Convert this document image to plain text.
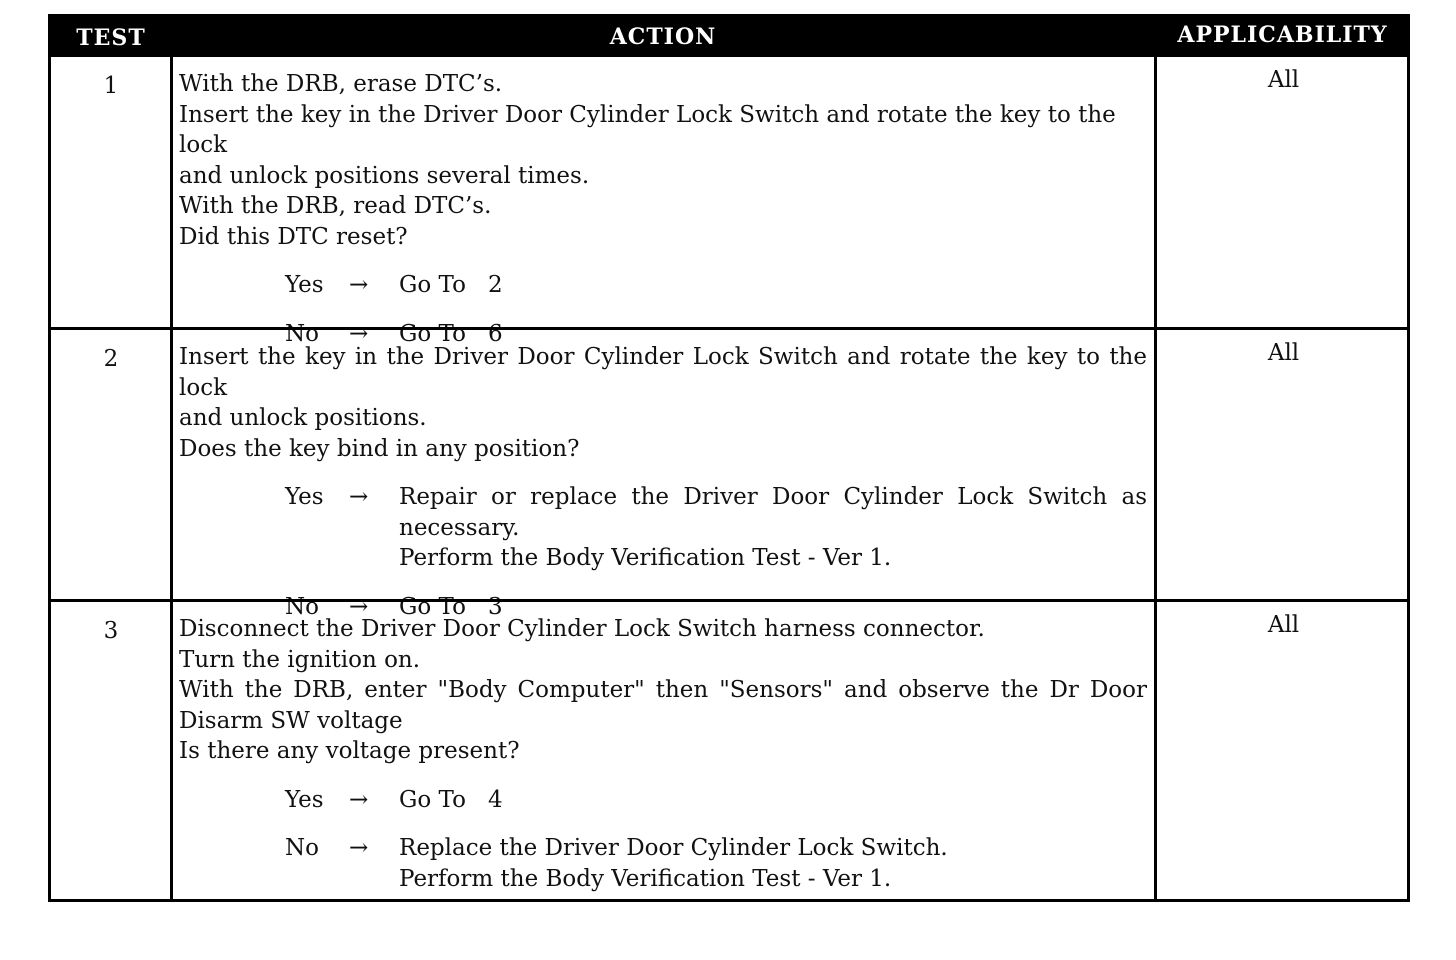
TEST	ACTION	APPLICABILITY
1	With the DRB, erase DTC’s.

Insert the key in the Driver Door Cylinder Lock Switch and rotate the key to the lock

and unlock positions several times.

With the DRB, read DTC’s.

Did this DTC reset?

Yes → Go To 2
No → Go To 6
All
2	Insert the key in the Driver Door Cylinder Lock Switch and rotate the key to the lock

and unlock positions.

Does the key bind in any position?

Yes → Repair or replace the Driver Door Cylinder Lock Switch as
necessary.
Perform the Body Verification Test - Ver 1.
No → Go To 3
All
3	Disconnect the Driver Door Cylinder Lock Switch harness connector.

Turn the ignition on.

With the DRB, enter "Body Computer" then "Sensors" and observe the Dr Door

Disarm SW voltage

Is there any voltage present?

Yes → Go To 4
No → Replace the Driver Door Cylinder Lock Switch.
Perform the Body Verification Test - Ver 1.
All
